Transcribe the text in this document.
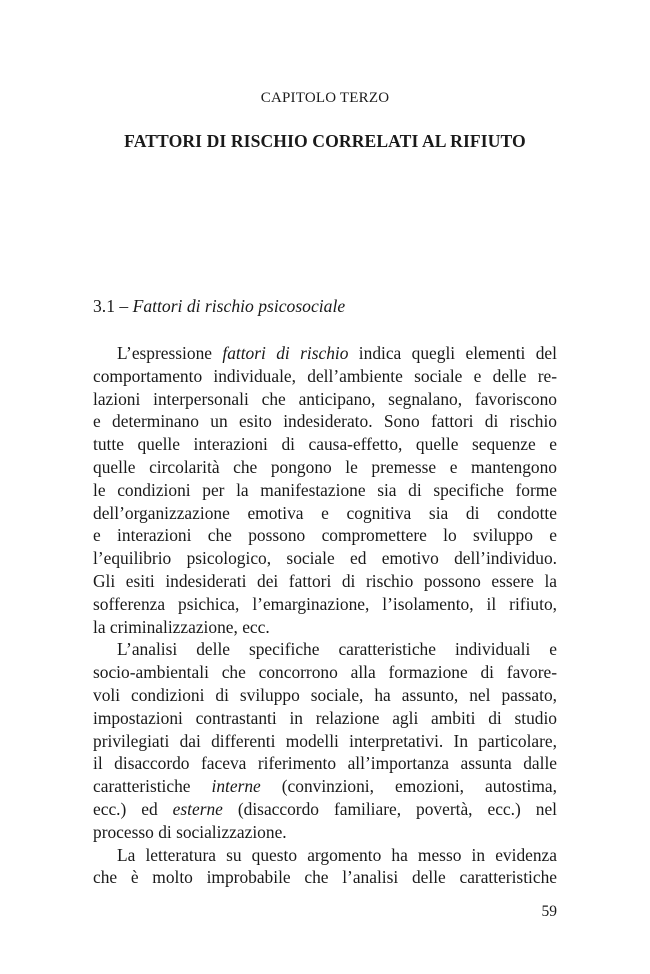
CAPITOLO TERZO
FATTORI DI RISCHIO CORRELATI AL RIFIUTO
3.1 – Fattori di rischio psicosociale
L’espressione fattori di rischio indica quegli elementi del
comportamento individuale, dell’ambiente sociale e delle re-
lazioni interpersonali che anticipano, segnalano, favoriscono
e determinano un esito indesiderato. Sono fattori di rischio
tutte quelle interazioni di causa-effetto, quelle sequenze e
quelle circolarità che pongono le premesse e mantengono
le condizioni per la manifestazione sia di specifiche forme
dell’organizzazione emotiva e cognitiva sia di condotte
e interazioni che possono compromettere lo sviluppo e
l’equilibrio psicologico, sociale ed emotivo dell’individuo.
Gli esiti indesiderati dei fattori di rischio possono essere la
sofferenza psichica, l’emarginazione, l’isolamento, il rifiuto,
la criminalizzazione, ecc.
L’analisi delle specifiche caratteristiche individuali e
socio-ambientali che concorrono alla formazione di favore-
voli condizioni di sviluppo sociale, ha assunto, nel passato,
impostazioni contrastanti in relazione agli ambiti di studio
privilegiati dai differenti modelli interpretativi. In particolare,
il disaccordo faceva riferimento all’importanza assunta dalle
caratteristiche interne (convinzioni, emozioni, autostima,
ecc.) ed esterne (disaccordo familiare, povertà, ecc.) nel
processo di socializzazione.
La letteratura su questo argomento ha messo in evidenza
che è molto improbabile che l’analisi delle caratteristiche
59
